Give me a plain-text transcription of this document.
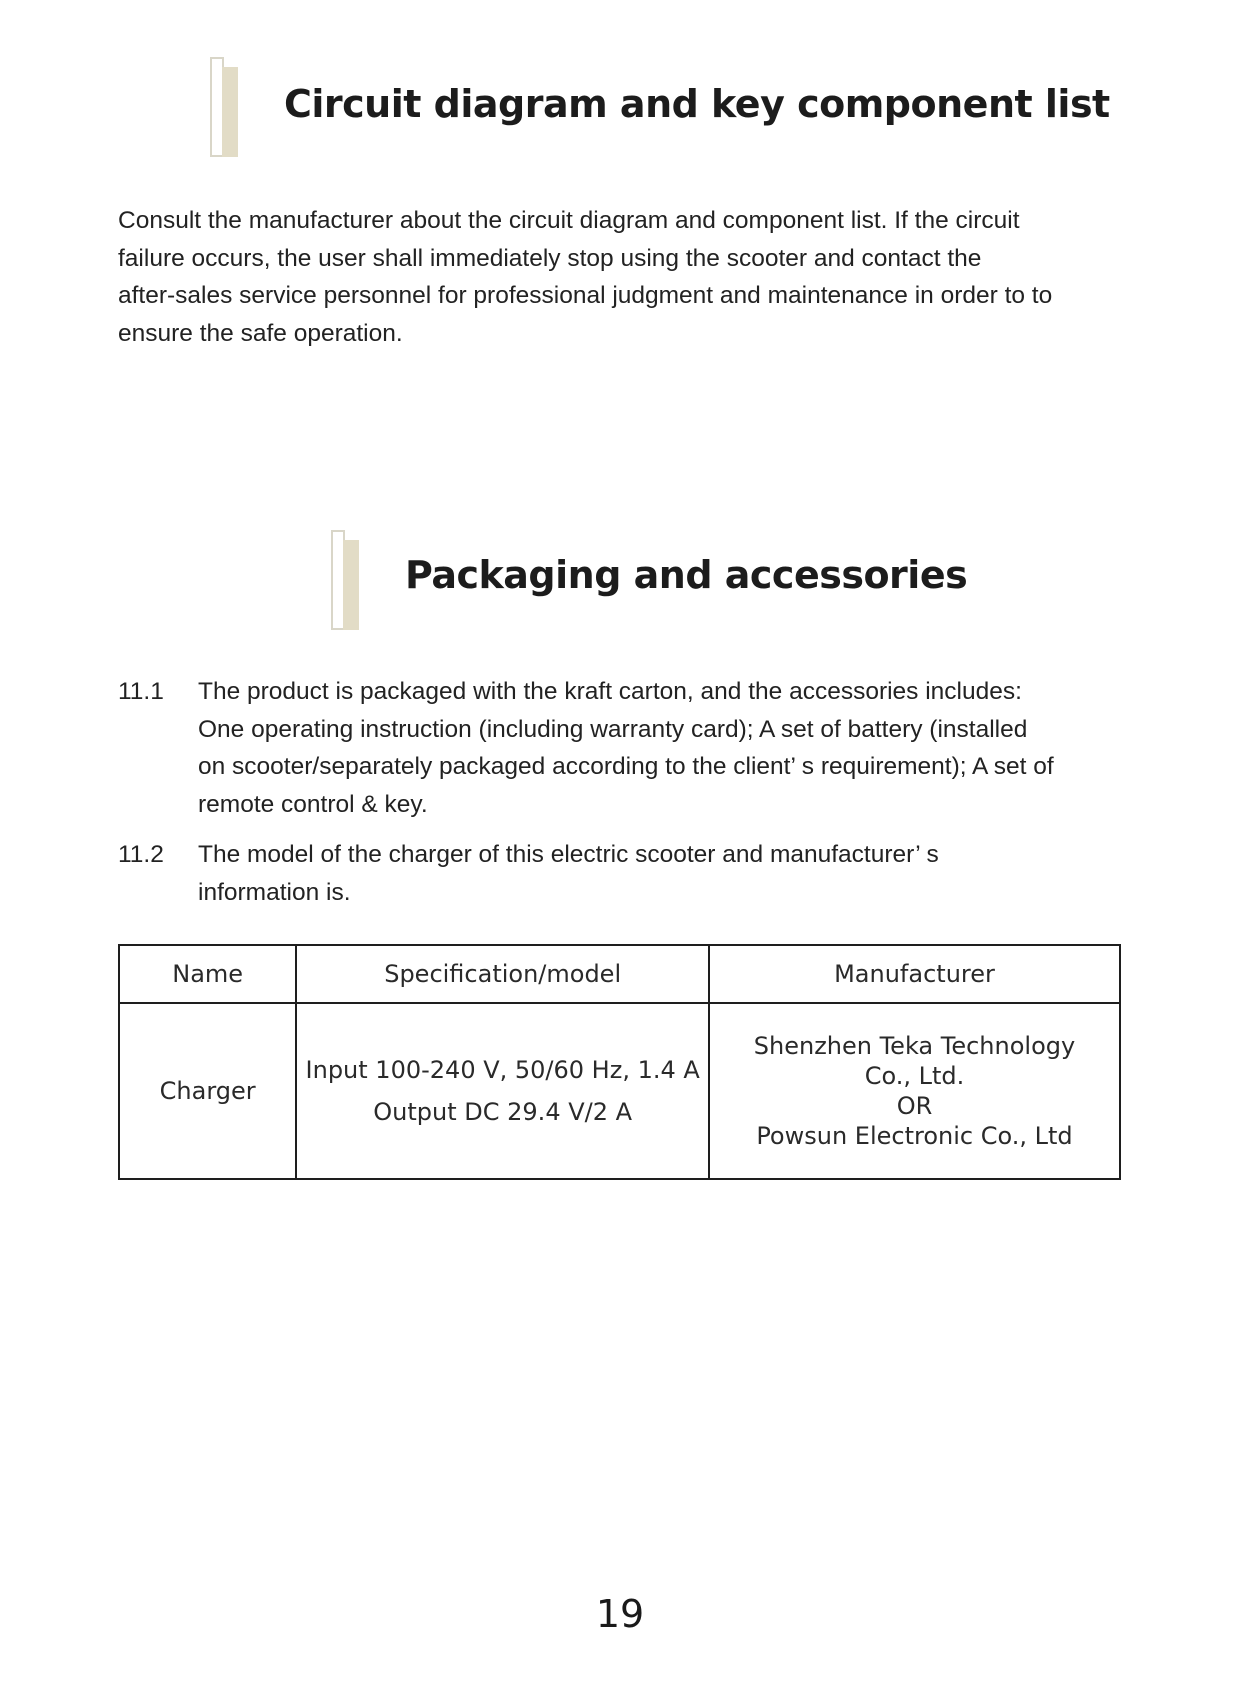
Circuit diagram and key component list
Consult the manufacturer about the circuit diagram and component list. If the circuit
failure occurs, the user shall immediately stop using the scooter and contact the
after-sales service personnel for professional judgment and maintenance in order to to
ensure the safe operation.
Packaging and accessories
11.1	The product is packaged with the kraft carton, and the accessories includes:
One operating instruction (including warranty card); A set of battery (installed
on scooter/separately packaged according to the client’ s requirement); A set of
remote control & key.
11.2	The model of the charger of this electric scooter and manufacturer’ s
information is.
Name	Specification/model	Manufacturer
Charger	Input 100-240 V, 50/60 Hz, 1.4 A
Output DC 29.4 V/2 A	Shenzhen Teka Technology
Co., Ltd.
OR
Powsun Electronic Co., Ltd
19
